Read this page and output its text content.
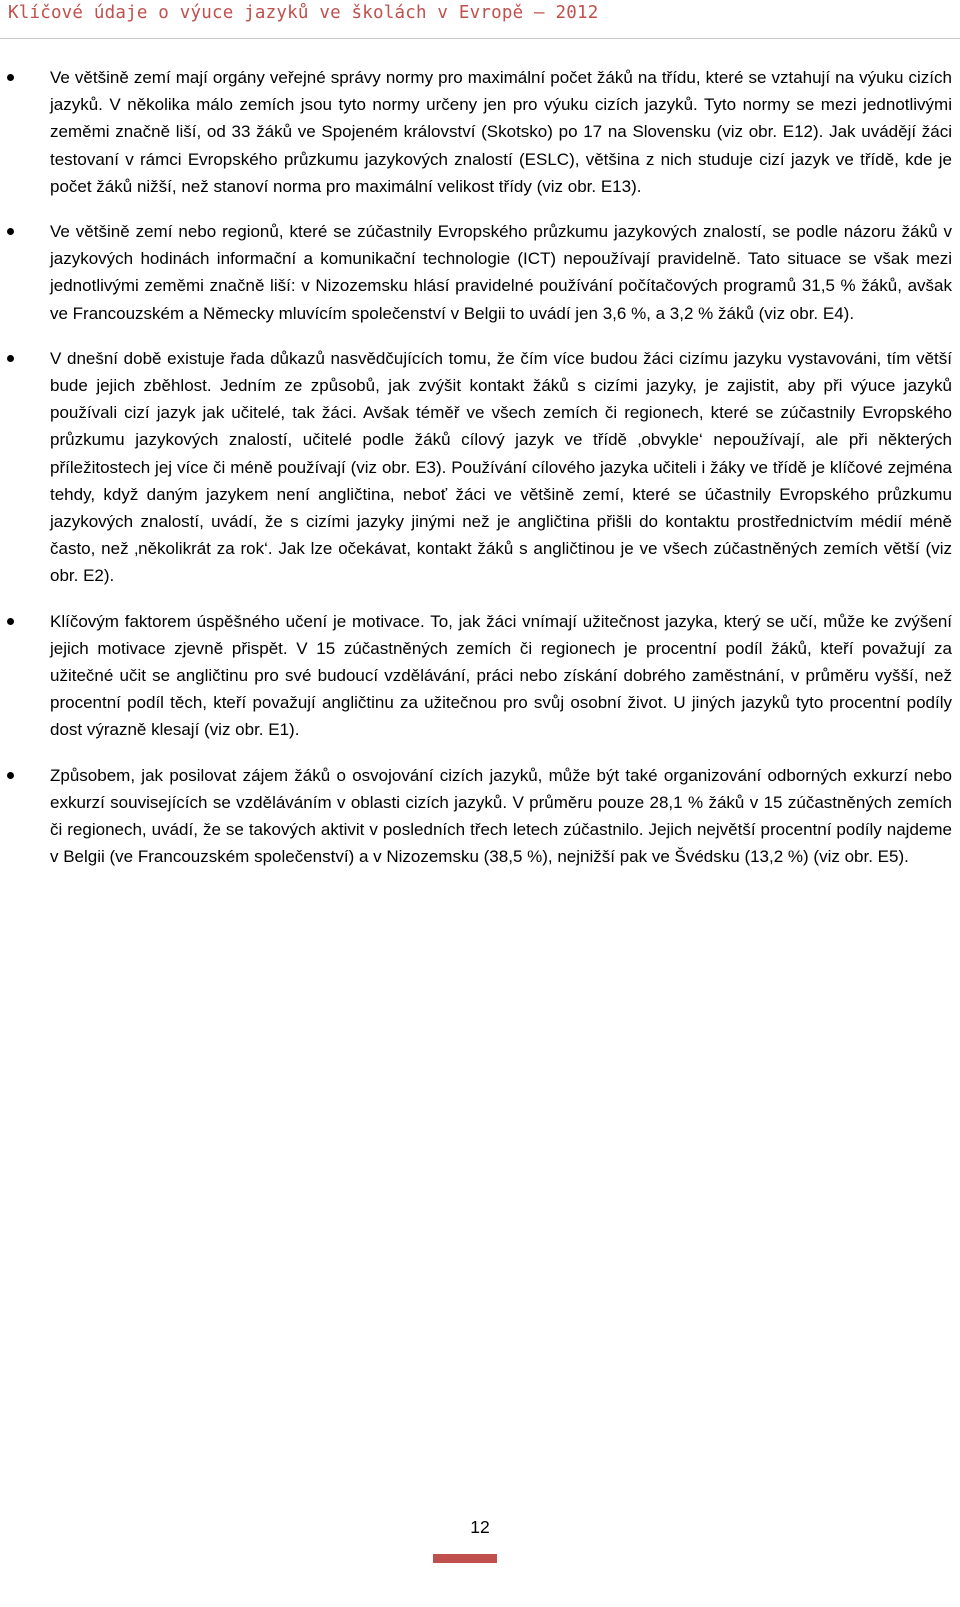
Klíčové údaje o výuce jazyků ve školách v Evropě – 2012

Ve většině zemí mají orgány veřejné správy normy pro maximální počet žáků na třídu, které se vztahují na výuku cizích jazyků. V několika málo zemích jsou tyto normy určeny jen pro výuku cizích jazyků. Tyto normy se mezi jednotlivými zeměmi značně liší, od 33 žáků ve Spojeném království (Skotsko) po 17 na Slovensku (viz obr. E12). Jak uvádějí žáci testovaní v rámci Evropského průzkumu jazykových znalostí (ESLC), většina z nich studuje cizí jazyk ve třídě, kde je počet žáků nižší, než stanoví norma pro maximální velikost třídy (viz obr. E13).

Ve většině zemí nebo regionů, které se zúčastnily Evropského průzkumu jazykových znalostí, se podle názoru žáků v jazykových hodinách informační a komunikační technologie (ICT) nepoužívají pravidelně. Tato situace se však mezi jednotlivými zeměmi značně liší: v Nizozemsku hlásí pravidelné používání počítačových programů 31,5 % žáků, avšak ve Francouzském a Německy mluvícím společenství v Belgii to uvádí jen 3,6 %, a 3,2 % žáků (viz obr. E4).

V dnešní době existuje řada důkazů nasvědčujících tomu, že čím více budou žáci cizímu jazyku vystavováni, tím větší bude jejich zběhlost. Jedním ze způsobů, jak zvýšit kontakt žáků s cizími jazyky, je zajistit, aby při výuce jazyků používali cizí jazyk jak učitelé, tak žáci. Avšak téměř ve všech zemích či regionech, které se zúčastnily Evropského průzkumu jazykových znalostí, učitelé podle žáků cílový jazyk ve třídě ‚obvykle‘ nepoužívají, ale při některých příležitostech jej více či méně používají (viz obr. E3). Používání cílového jazyka učiteli i žáky ve třídě je klíčové zejména tehdy, když daným jazykem není angličtina, neboť žáci ve většině zemí, které se účastnily Evropského průzkumu jazykových znalostí, uvádí, že s cizími jazyky jinými než je angličtina přišli do kontaktu prostřednictvím médií méně často, než ‚několikrát za rok‘. Jak lze očekávat, kontakt žáků s angličtinou je ve všech zúčastněných zemích větší (viz obr. E2).

Klíčovým faktorem úspěšného učení je motivace. To, jak žáci vnímají užitečnost jazyka, který se učí, může ke zvýšení jejich motivace zjevně přispět. V 15 zúčastněných zemích či regionech je procentní podíl žáků, kteří považují za užitečné učit se angličtinu pro své budoucí vzdělávání, práci nebo získání dobrého zaměstnání, v průměru vyšší, než procentní podíl těch, kteří považují angličtinu za užitečnou pro svůj osobní život. U jiných jazyků tyto procentní podíly dost výrazně klesají (viz obr. E1).

Způsobem, jak posilovat zájem žáků o osvojování cizích jazyků, může být také organizování odborných exkurzí nebo exkurzí souvisejících se vzděláváním v oblasti cizích jazyků. V průměru pouze 28,1 % žáků v 15 zúčastněných zemích či regionech, uvádí, že se takových aktivit v posledních třech letech zúčastnilo. Jejich největší procentní podíly najdeme v Belgii (ve Francouzském společenství) a v Nizozemsku (38,5 %), nejnižší pak ve Švédsku (13,2 %) (viz obr. E5).

12
